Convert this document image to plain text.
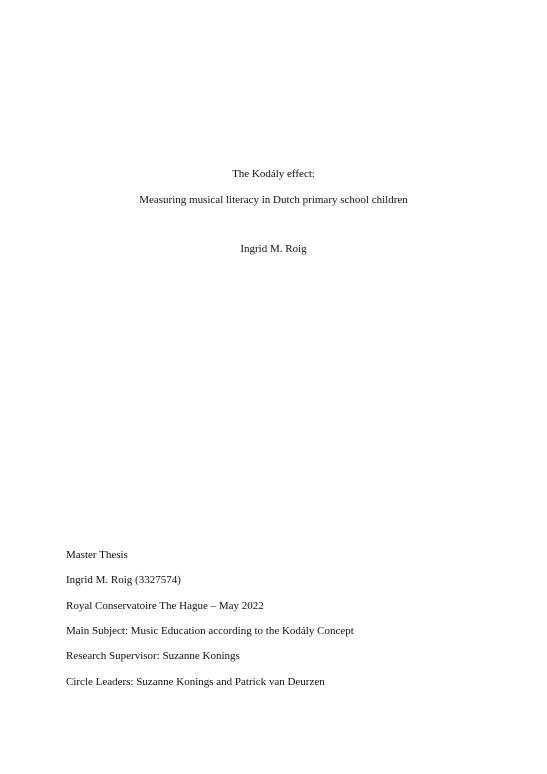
The Kodály effect:
Measuring musical literacy in Dutch primary school children
Ingrid M. Roig
Master Thesis
Ingrid M. Roig (3327574)
Royal Conservatoire The Hague – May 2022
Main Subject: Music Education according to the Kodály Concept
Research Supervisor: Suzanne Konings
Circle Leaders: Suzanne Konings and Patrick van Deurzen
